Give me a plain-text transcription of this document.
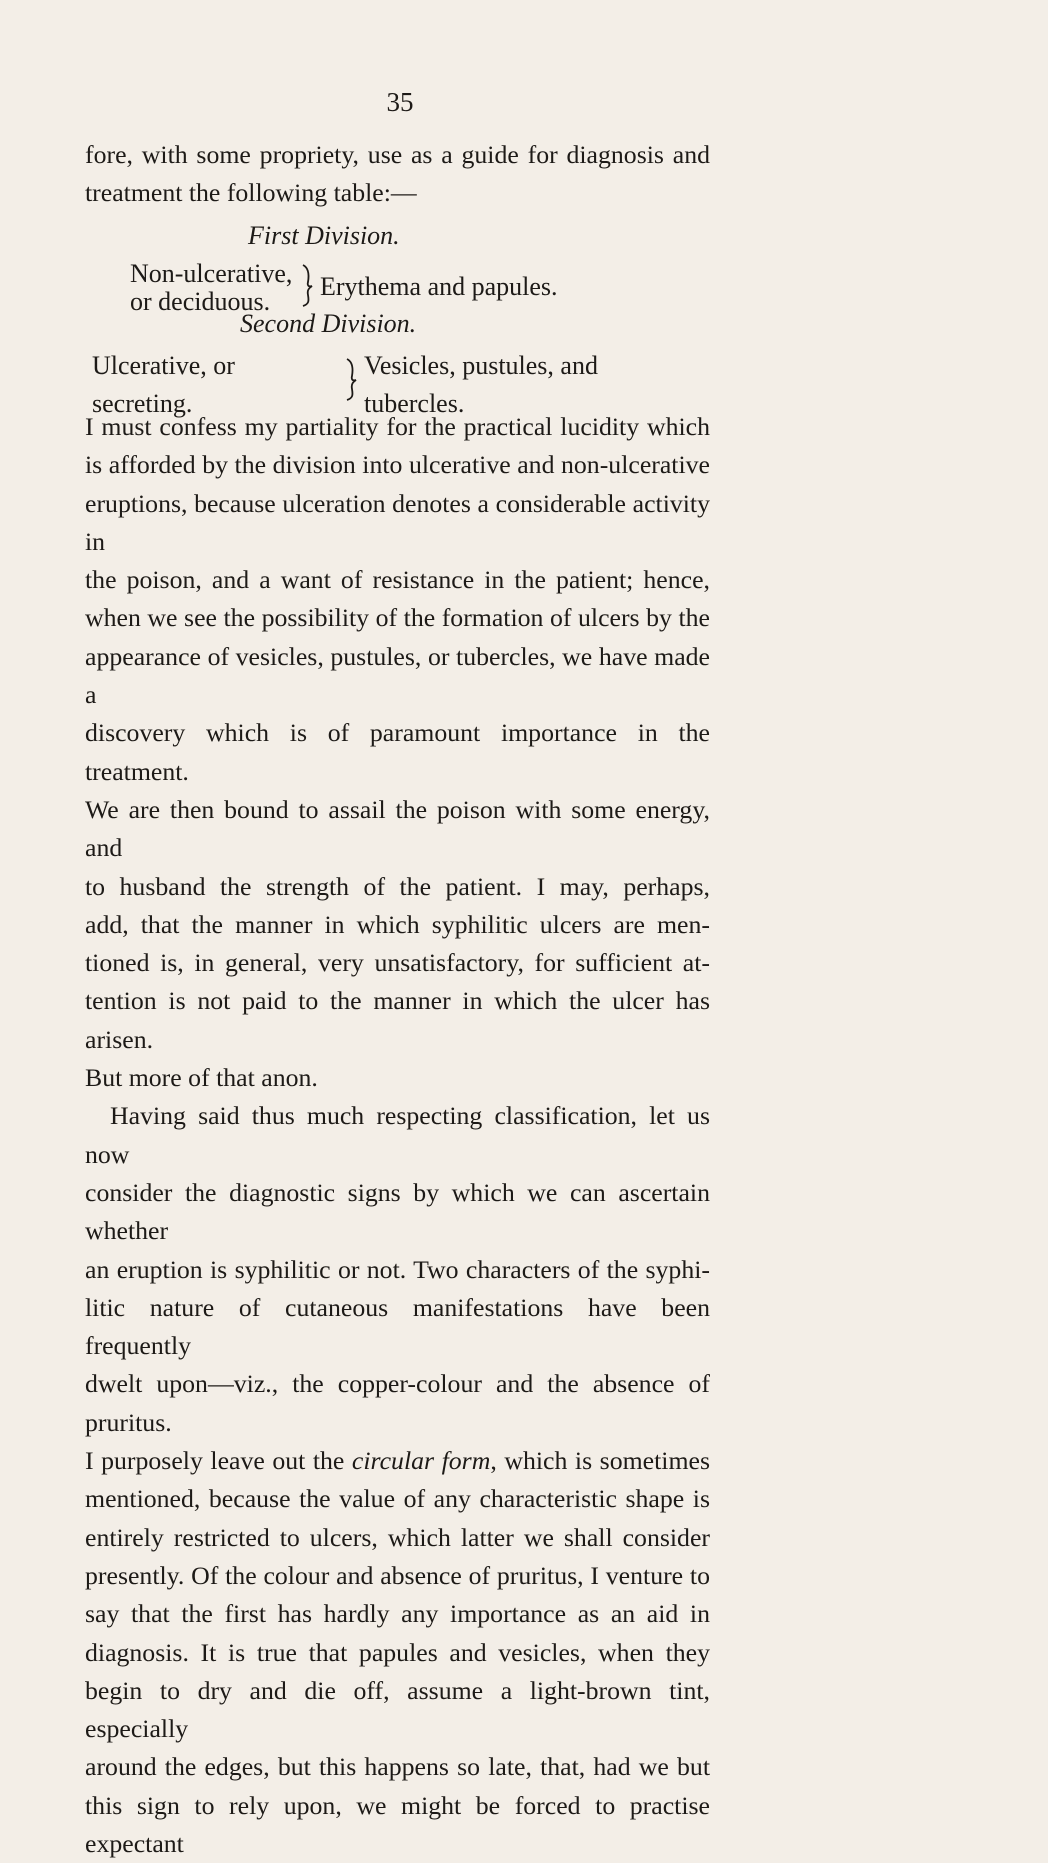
35
fore, with some propriety, use as a guide for diagnosis and
treatment the following table:—
First Division.
Non-ulcerative,
or deciduous.
Erythema and papules.
Second Division.
Ulcerative, or
secreting.
Vesicles, pustules, and
tubercles.
I must confess my partiality for the practical lucidity which
is afforded by the division into ulcerative and non-ulcerative
eruptions, because ulceration denotes a considerable activity in
the poison, and a want of resistance in the patient; hence,
when we see the possibility of the formation of ulcers by the
appearance of vesicles, pustules, or tubercles, we have made a
discovery which is of paramount importance in the treatment.
We are then bound to assail the poison with some energy, and
to husband the strength of the patient. I may, perhaps,
add, that the manner in which syphilitic ulcers are men-
tioned is, in general, very unsatisfactory, for sufficient at-
tention is not paid to the manner in which the ulcer has arisen.
But more of that anon.
Having said thus much respecting classification, let us now
consider the diagnostic signs by which we can ascertain whether
an eruption is syphilitic or not. Two characters of the syphi-
litic nature of cutaneous manifestations have been frequently
dwelt upon—viz., the copper-colour and the absence of pruritus.
I purposely leave out the circular form, which is sometimes
mentioned, because the value of any characteristic shape is
entirely restricted to ulcers, which latter we shall consider
presently. Of the colour and absence of pruritus, I venture to
say that the first has hardly any importance as an aid in
diagnosis. It is true that papules and vesicles, when they
begin to dry and die off, assume a light-brown tint, especially
around the edges, but this happens so late, that, had we but
this sign to rely upon, we might be forced to practise expectant
